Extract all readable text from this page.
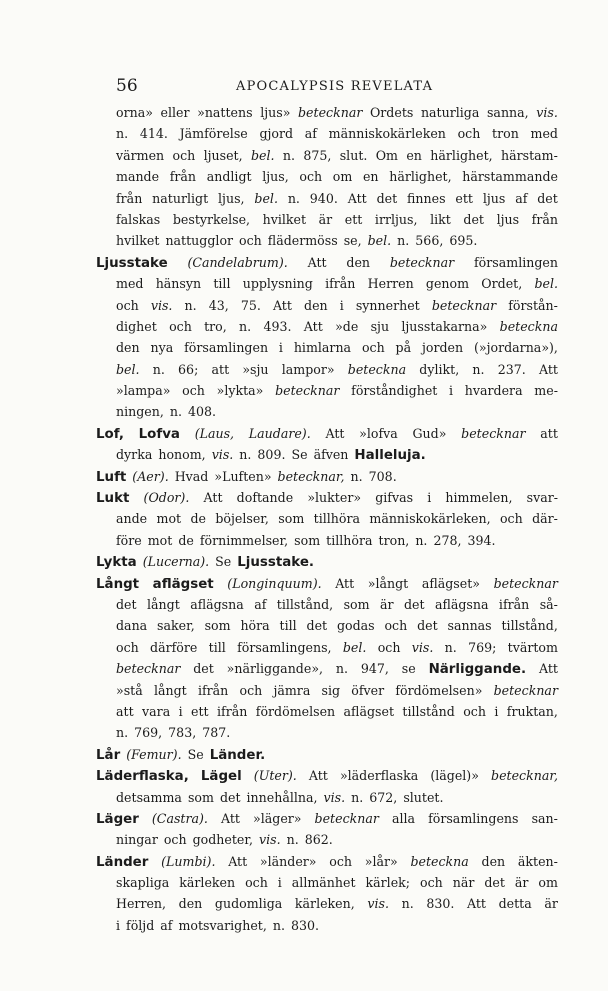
56	APOCALYPSIS REVELATA
orna» eller »nattens ljus» betecknar Ordets naturliga sanna, vis.
n. 414. Jämförelse gjord af människokärleken och tron med
värmen och ljuset, bel. n. 875, slut. Om en härlighet, härstam-
mande från andligt ljus, och om en härlighet, härstammande
från naturligt ljus, bel. n. 940. Att det finnes ett ljus af det
falskas bestyrkelse, hvilket är ett irrljus, likt det ljus från
hvilket nattugglor och flädermöss se, bel. n. 566, 695.
Ljusstake (Candelabrum). Att den betecknar församlingen
med hänsyn till upplysning ifrån Herren genom Ordet, bel.
och vis. n. 43, 75. Att den i synnerhet betecknar förstån-
dighet och tro, n. 493. Att »de sju ljusstakarna» beteckna
den nya församlingen i himlarna och på jorden (»jordarna»),
bel. n. 66; att »sju lampor» beteckna dylikt, n. 237. Att
»lampa» och »lykta» betecknar förståndighet i hvardera me-
ningen, n. 408.
Lof, Lofva (Laus, Laudare). Att »lofva Gud» betecknar att
dyrka honom, vis. n. 809. Se äfven Halleluja.
Luft (Aer). Hvad »Luften» betecknar, n. 708.
Lukt (Odor). Att doftande »lukter» gifvas i himmelen, svar-
ande mot de böjelser, som tillhöra människokärleken, och där-
före mot de förnimmelser, som tillhöra tron, n. 278, 394.
Lykta (Lucerna). Se Ljusstake.
Långt aflägset (Longinquum). Att »långt aflägset» betecknar
det långt aflägsna af tillstånd, som är det aflägsna ifrån så-
dana saker, som höra till det godas och det sannas tillstånd,
och därföre till församlingens, bel. och vis. n. 769; tvärtom
betecknar det »närliggande», n. 947, se Närliggande. Att
»stå långt ifrån och jämra sig öfver fördömelsen» betecknar
att vara i ett ifrån fördömelsen aflägset tillstånd och i fruktan,
n. 769, 783, 787.
Lår (Femur). Se Länder.
Läderflaska, Lägel (Uter). Att »läderflaska (lägel)» betecknar,
detsamma som det innehållna, vis. n. 672, slutet.
Läger (Castra). Att »läger» betecknar alla församlingens san-
ningar och godheter, vis. n. 862.
Länder (Lumbi). Att »länder» och »lår» beteckna den äkten-
skapliga kärleken och i allmänhet kärlek; och när det är om
Herren, den gudomliga kärleken, vis. n. 830. Att detta är
i följd af motsvarighet, n. 830.
